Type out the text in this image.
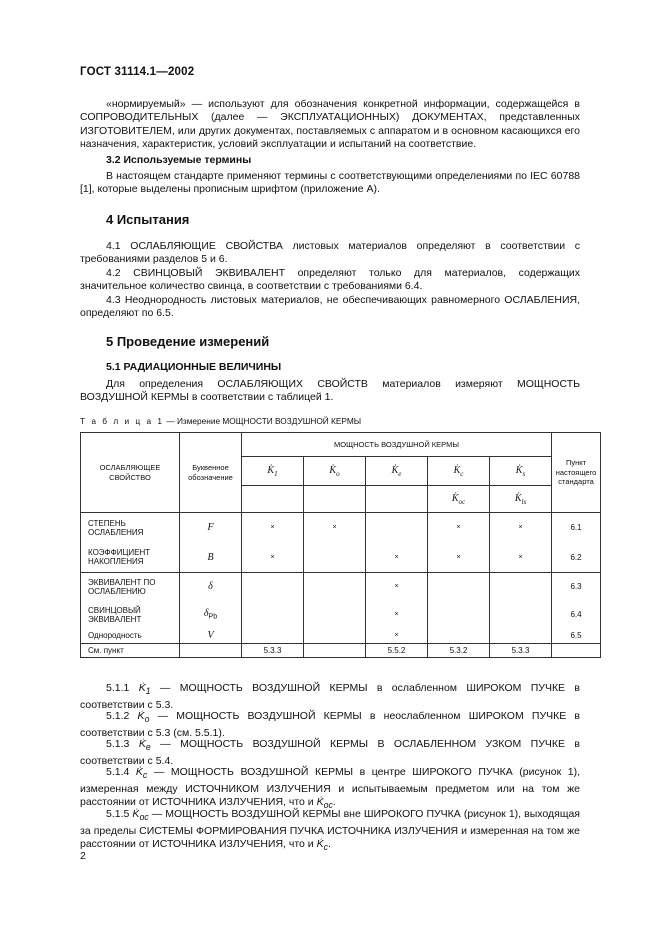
ГОСТ 31114.1—2002

«нормируемый» — используют для обозначения конкретной информации, содержащейся в СОПРОВОДИТЕЛЬНЫХ (далее — ЭКСПЛУАТАЦИОННЫХ) ДОКУМЕНТАХ, представленных ИЗГОТОВИТЕЛЕМ, или других документах, поставляемых с аппаратом и в основном касающихся его назначения, характеристик, условий эксплуатации и испытаний на соответствие.

3.2 Используемые термины

В настоящем стандарте применяют термины с соответствующими определениями по IEC 60788 [1], которые выделены прописным шрифтом (приложение А).

4 Испытания

4.1 ОСЛАБЛЯЮЩИЕ СВОЙСТВА листовых материалов определяют в соответствии с требованиями разделов 5 и 6.

4.2 СВИНЦОВЫЙ ЭКВИВАЛЕНТ определяют только для материалов, содержащих значительное количество свинца, в соответствии с требованиями 6.4.

4.3 Неоднородность листовых материалов, не обеспечивающих равномерного ОСЛАБЛЕНИЯ, определяют по 6.5.

5 Проведение измерений

5.1 РАДИАЦИОННЫЕ ВЕЛИЧИНЫ

Для определения ОСЛАБЛЯЮЩИХ СВОЙСТВ материалов измеряют МОЩНОСТЬ ВОЗДУШНОЙ КЕРМЫ в соответствии с таблицей 1.

Т а б л и ц а 1 — Измерение МОЩНОСТИ ВОЗДУШНОЙ КЕРМЫ
ОСЛАБЛЯЮЩЕЕ СВОЙСТВО	Буквенное обозначение	МОЩНОСТЬ ВОЗДУШНОЙ КЕРМЫ					Пункт настоящего стандарта
		$K_1$	$K_o$	$K_e$	$K_c$	$K_s$
					$K_{oc}$	$K_{ls}$
СТЕПЕНЬ ОСЛАБЛЕНИЯ	F	×	×		×	×	6.1
КОЭФФИЦИЕНТ НАКОПЛЕНИЯ	B	×		×	×	×	6.2
ЭКВИВАЛЕНТ ПО ОСЛАБЛЕНИЮ	δ			×			6.3
СВИНЦОВЫЙ ЭКВИВАЛЕНТ	$\delta_{Pb}$			×			6.4
Однородность	V			×			6.5
См. пункт		5.3.3		5.5.2	5.3.2	5.3.3	

5.1.1 $K_1$ — МОЩНОСТЬ ВОЗДУШНОЙ КЕРМЫ в ослабленном ШИРОКОМ ПУЧКЕ в соответствии с 5.3.

5.1.2 $K_o$ — МОЩНОСТЬ ВОЗДУШНОЙ КЕРМЫ в неослабленном ШИРОКОМ ПУЧКЕ в соответствии с 5.3 (см. 5.5.1).

5.1.3 $K_e$ — МОЩНОСТЬ ВОЗДУШНОЙ КЕРМЫ В ОСЛАБЛЕННОМ УЗКОМ ПУЧКЕ в соответствии с 5.4.

5.1.4 $K_c$ — МОЩНОСТЬ ВОЗДУШНОЙ КЕРМЫ в центре ШИРОКОГО ПУЧКА (рисунок 1), измеренная между ИСТОЧНИКОМ ИЗЛУЧЕНИЯ и испытываемым предметом или на том же расстоянии от ИСТОЧНИКА ИЗЛУЧЕНИЯ, что и $K_{oc}$.

5.1.5 $K_{oc}$ — МОЩНОСТЬ ВОЗДУШНОЙ КЕРМЫ вне ШИРОКОГО ПУЧКА (рисунок 1), выходящая за пределы СИСТЕМЫ ФОРМИРОВАНИЯ ПУЧКА ИСТОЧНИКА ИЗЛУЧЕНИЯ и измеренная на том же расстоянии от ИСТОЧНИКА ИЗЛУЧЕНИЯ, что и $K_c$.

2
